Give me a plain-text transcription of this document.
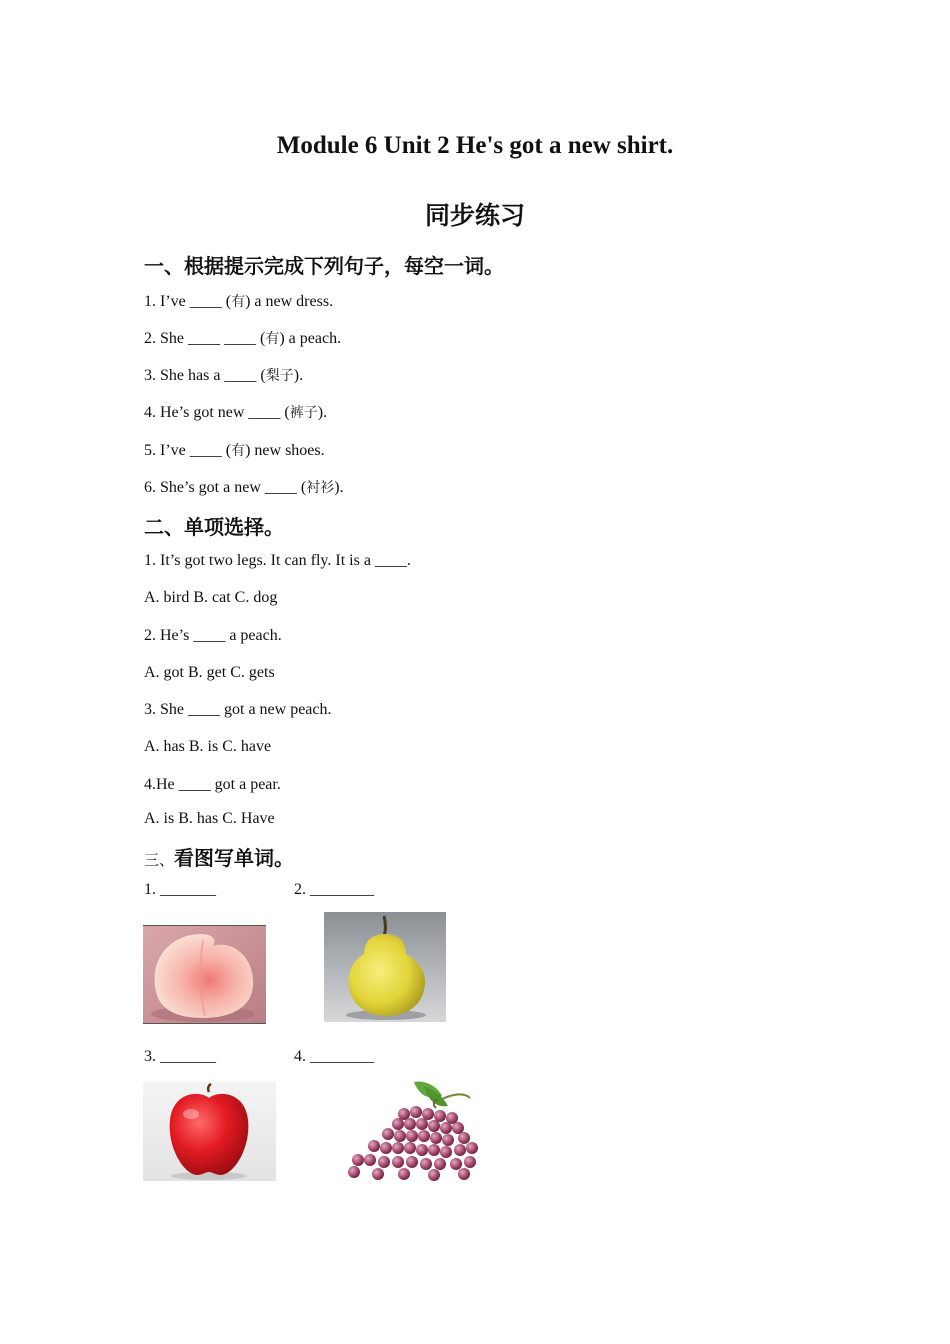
Module 6 Unit 2 He's got a new shirt.
同步练习
一、根据提示完成下列句子，每空一词。
1. I’ve ____ (有) a new dress.
2. She ____ ____ (有) a peach.
3. She has a ____ (梨子).
4. He’s got new ____ (裤子).
5. I’ve ____ (有) new shoes.
6. She’s got a new ____ (衬衫).
二、单项选择。
1. It’s got two legs. It can fly. It is a ____.
A. bird B. cat C. dog
2. He’s ____ a peach.
A. got B. get C. gets
3. She ____ got a new peach.
A. has B. is C. have
4.He ____ got a pear.
A. is B. has C. Have
三、看图写单词。
1. _______	2. ________
3. _______	4. ________
